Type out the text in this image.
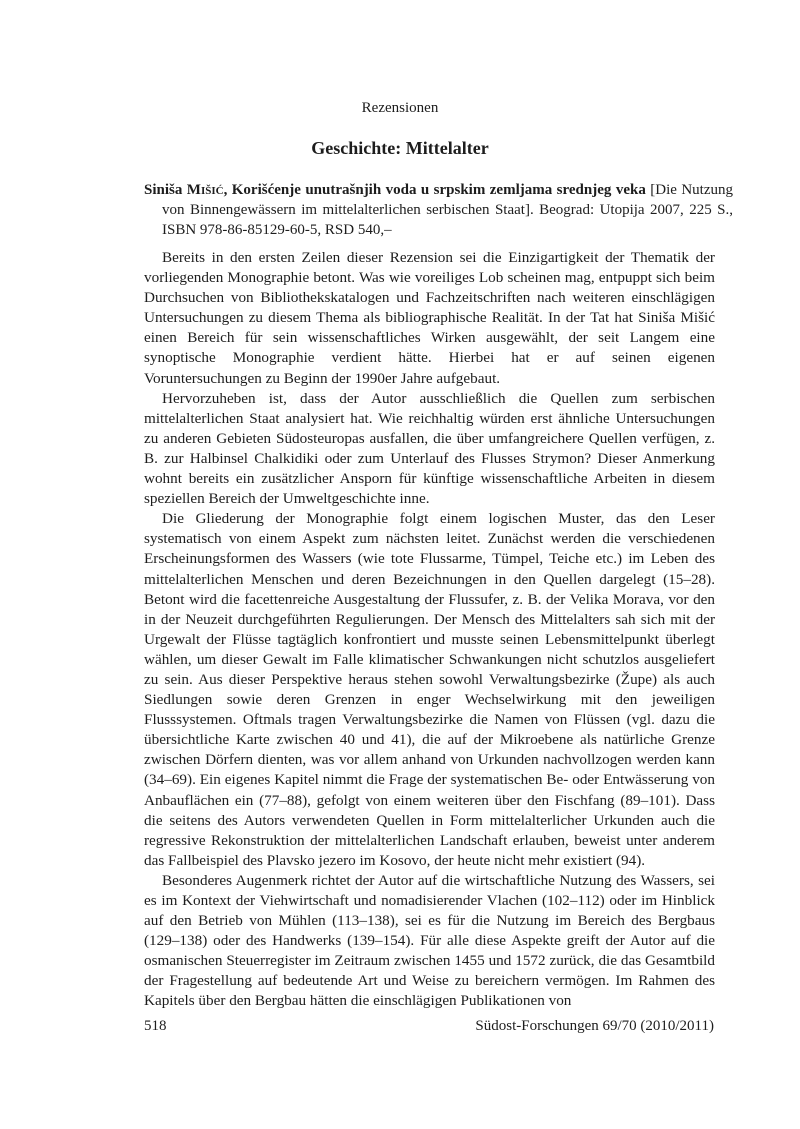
Rezensionen
Geschichte: Mittelalter
Siniša Mišić, Korišćenje unutrašnjih voda u srpskim zemljama srednjeg veka [Die Nutzung von Binnengewässern im mittelalterlichen serbischen Staat]. Beograd: Utopija 2007, 225 S., ISBN 978-86-85129-60-5, RSD 540,–

Bereits in den ersten Zeilen dieser Rezension sei die Einzigartigkeit der Thematik der vorliegenden Monographie betont. Was wie voreiliges Lob scheinen mag, entpuppt sich beim Durchsuchen von Bibliothekskatalogen und Fachzeitschriften nach weiteren einschlägigen Untersuchungen zu diesem Thema als bibliographische Realität. In der Tat hat Siniša Mišić einen Bereich für sein wissenschaftliches Wirken ausgewählt, der seit Langem eine synoptische Monographie verdient hätte. Hierbei hat er auf seinen eigenen Voruntersuchungen zu Beginn der 1990er Jahre aufgebaut.

Hervorzuheben ist, dass der Autor ausschließlich die Quellen zum serbischen mittelalterlichen Staat analysiert hat. Wie reichhaltig würden erst ähnliche Untersuchungen zu anderen Gebieten Südosteuropas ausfallen, die über umfangreichere Quellen verfügen, z. B. zur Halbinsel Chalkidiki oder zum Unterlauf des Flusses Strymon? Dieser Anmerkung wohnt bereits ein zusätzlicher Ansporn für künftige wissenschaftliche Arbeiten in diesem speziellen Bereich der Umweltgeschichte inne.

Die Gliederung der Monographie folgt einem logischen Muster, das den Leser systematisch von einem Aspekt zum nächsten leitet. Zunächst werden die verschiedenen Erscheinungsformen des Wassers (wie tote Flussarme, Tümpel, Teiche etc.) im Leben des mittelalterlichen Menschen und deren Bezeichnungen in den Quellen dargelegt (15–28). Betont wird die facettenreiche Ausgestaltung der Flussufer, z. B. der Velika Morava, vor den in der Neuzeit durchgeführten Regulierungen. Der Mensch des Mittelalters sah sich mit der Urgewalt der Flüsse tagtäglich konfrontiert und musste seinen Lebensmittelpunkt überlegt wählen, um dieser Gewalt im Falle klimatischer Schwankungen nicht schutzlos ausgeliefert zu sein. Aus dieser Perspektive heraus stehen sowohl Verwaltungsbezirke (Župe) als auch Siedlungen sowie deren Grenzen in enger Wechselwirkung mit den jeweiligen Flusssystemen. Oftmals tragen Verwaltungsbezirke die Namen von Flüssen (vgl. dazu die übersichtliche Karte zwischen 40 und 41), die auf der Mikroebene als natürliche Grenze zwischen Dörfern dienten, was vor allem anhand von Urkunden nachvollzogen werden kann (34–69). Ein eigenes Kapitel nimmt die Frage der systematischen Be- oder Entwässerung von Anbauflächen ein (77–88), gefolgt von einem weiteren über den Fischfang (89–101). Dass die seitens des Autors verwendeten Quellen in Form mittelalterlicher Urkunden auch die regressive Rekonstruktion der mittelalterlichen Landschaft erlauben, beweist unter anderem das Fallbeispiel des Plavsko jezero im Kosovo, der heute nicht mehr existiert (94).

Besonderes Augenmerk richtet der Autor auf die wirtschaftliche Nutzung des Wassers, sei es im Kontext der Viehwirtschaft und nomadisierender Vlachen (102–112) oder im Hinblick auf den Betrieb von Mühlen (113–138), sei es für die Nutzung im Bereich des Bergbaus (129–138) oder des Handwerks (139–154). Für alle diese Aspekte greift der Autor auf die osmanischen Steuerregister im Zeitraum zwischen 1455 und 1572 zurück, die das Gesamtbild der Fragestellung auf bedeutende Art und Weise zu bereichern vermögen. Im Rahmen des Kapitels über den Bergbau hätten die einschlägigen Publikationen von

518	Südost-Forschungen 69/70 (2010/2011)
